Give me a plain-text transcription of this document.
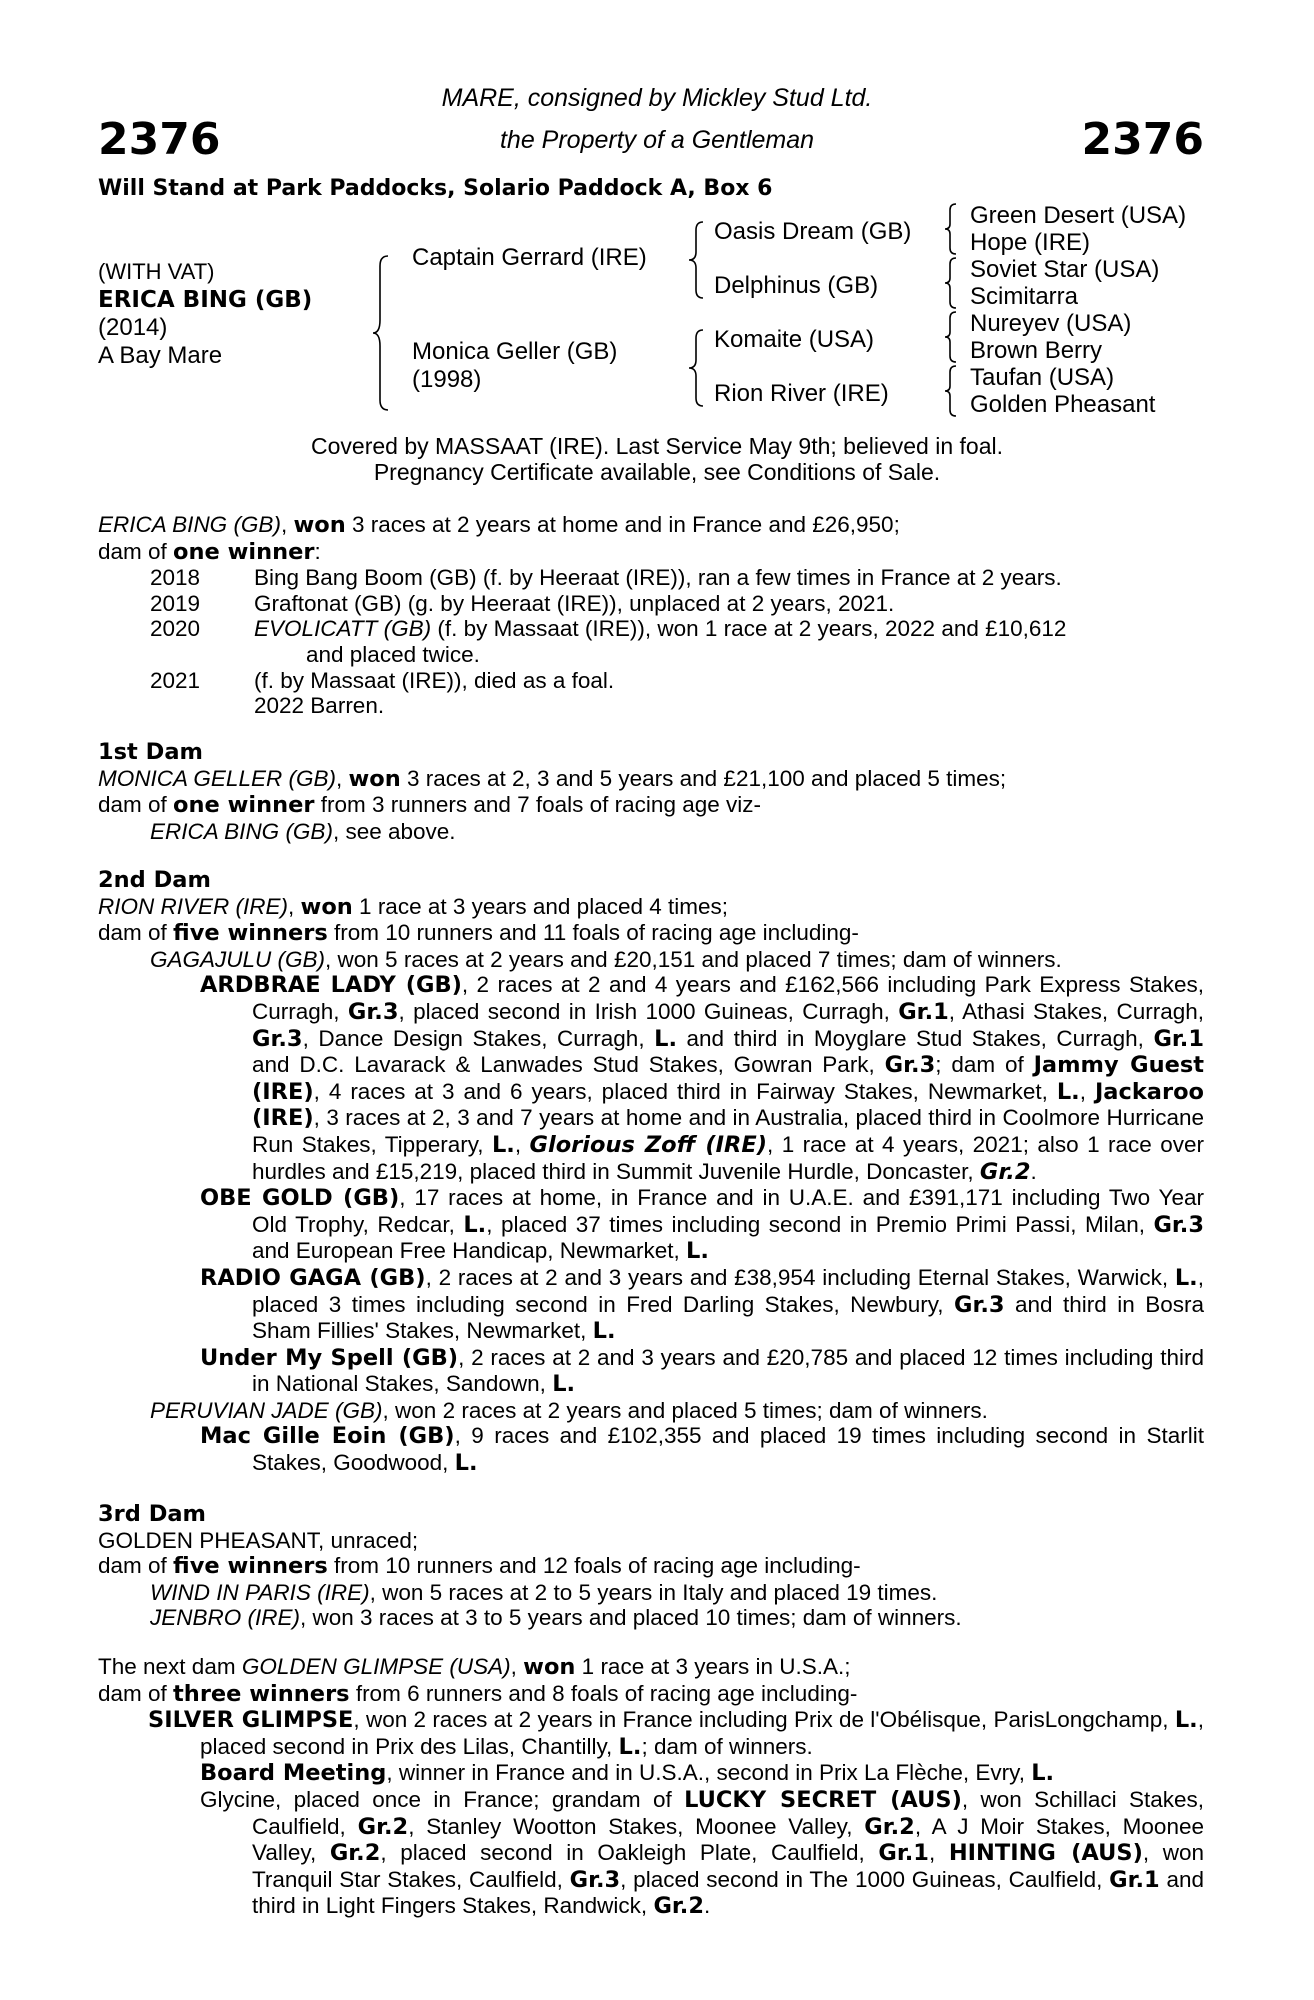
2376	2376
MARE, consigned by Mickley Stud Ltd.
the Property of a Gentleman
Will Stand at Park Paddocks, Solario Paddock A, Box 6
(WITH VAT)
ERICA BING (GB)
(2014)
A Bay Mare
Captain Gerrard (IRE)
Monica Geller (GB)
(1998)
Oasis Dream (GB)
Delphinus (GB)
Komaite (USA)
Rion River (IRE)
Green Desert (USA)
Hope (IRE)
Soviet Star (USA)
Scimitarra
Nureyev (USA)
Brown Berry
Taufan (USA)
Golden Pheasant
Covered by MASSAAT (IRE). Last Service May 9th; believed in foal.
Pregnancy Certificate available, see Conditions of Sale.

ERICA BING (GB), won 3 races at 2 years at home and in France and £26,950;

dam of one winner:

2018 Bing Bang Boom (GB) (f. by Heeraat (IRE)), ran a few times in France at 2 years.

2019 Graftonat (GB) (g. by Heeraat (IRE)), unplaced at 2 years, 2021.

2020 EVOLICATT (GB) (f. by Massaat (IRE)), won 1 race at 2 years, 2022 and £10,612

and placed twice.

2021 (f. by Massaat (IRE)), died as a foal.

2022 Barren.

1st Dam

MONICA GELLER (GB), won 3 races at 2, 3 and 5 years and £21,100 and placed 5 times;

dam of one winner from 3 runners and 7 foals of racing age viz-

ERICA BING (GB), see above.

2nd Dam

RION RIVER (IRE), won 1 race at 3 years and placed 4 times;

dam of five winners from 10 runners and 11 foals of racing age including-

GAGAJULU (GB), won 5 races at 2 years and £20,151 and placed 7 times; dam of winners.

ARDBRAE LADY (GB), 2 races at 2 and 4 years and £162,566 including Park Express Stakes, Curragh, Gr.3, placed second in Irish 1000 Guineas, Curragh, Gr.1, Athasi Stakes, Curragh, Gr.3, Dance Design Stakes, Curragh, L. and third in Moyglare Stud Stakes, Curragh, Gr.1 and D.C. Lavarack & Lanwades Stud Stakes, Gowran Park, Gr.3; dam of Jammy Guest (IRE), 4 races at 3 and 6 years, placed third in Fairway Stakes, Newmarket, L., Jackaroo (IRE), 3 races at 2, 3 and 7 years at home and in Australia, placed third in Coolmore Hurricane Run Stakes, Tipperary, L., Glorious Zoff (IRE), 1 race at 4 years, 2021; also 1 race over hurdles and £15,219, placed third in Summit Juvenile Hurdle, Doncaster, Gr.2.

OBE GOLD (GB), 17 races at home, in France and in U.A.E. and £391,171 including Two Year Old Trophy, Redcar, L., placed 37 times including second in Premio Primi Passi, Milan, Gr.3 and European Free Handicap, Newmarket, L.

RADIO GAGA (GB), 2 races at 2 and 3 years and £38,954 including Eternal Stakes, Warwick, L., placed 3 times including second in Fred Darling Stakes, Newbury, Gr.3 and third in Bosra Sham Fillies' Stakes, Newmarket, L.

Under My Spell (GB), 2 races at 2 and 3 years and £20,785 and placed 12 times including third in National Stakes, Sandown, L.

PERUVIAN JADE (GB), won 2 races at 2 years and placed 5 times; dam of winners.

Mac Gille Eoin (GB), 9 races and £102,355 and placed 19 times including second in Starlit Stakes, Goodwood, L.

3rd Dam

GOLDEN PHEASANT, unraced;

dam of five winners from 10 runners and 12 foals of racing age including-

WIND IN PARIS (IRE), won 5 races at 2 to 5 years in Italy and placed 19 times.

JENBRO (IRE), won 3 races at 3 to 5 years and placed 10 times; dam of winners.

The next dam GOLDEN GLIMPSE (USA), won 1 race at 3 years in U.S.A.;

dam of three winners from 6 runners and 8 foals of racing age including-

SILVER GLIMPSE, won 2 races at 2 years in France including Prix de l'Obélisque, ParisLongchamp, L., placed second in Prix des Lilas, Chantilly, L.; dam of winners.

Board Meeting, winner in France and in U.S.A., second in Prix La Flèche, Evry, L.

Glycine, placed once in France; grandam of LUCKY SECRET (AUS), won Schillaci Stakes, Caulfield, Gr.2, Stanley Wootton Stakes, Moonee Valley, Gr.2, A J Moir Stakes, Moonee Valley, Gr.2, placed second in Oakleigh Plate, Caulfield, Gr.1, HINTING (AUS), won Tranquil Star Stakes, Caulfield, Gr.3, placed second in The 1000 Guineas, Caulfield, Gr.1 and third in Light Fingers Stakes, Randwick, Gr.2.
